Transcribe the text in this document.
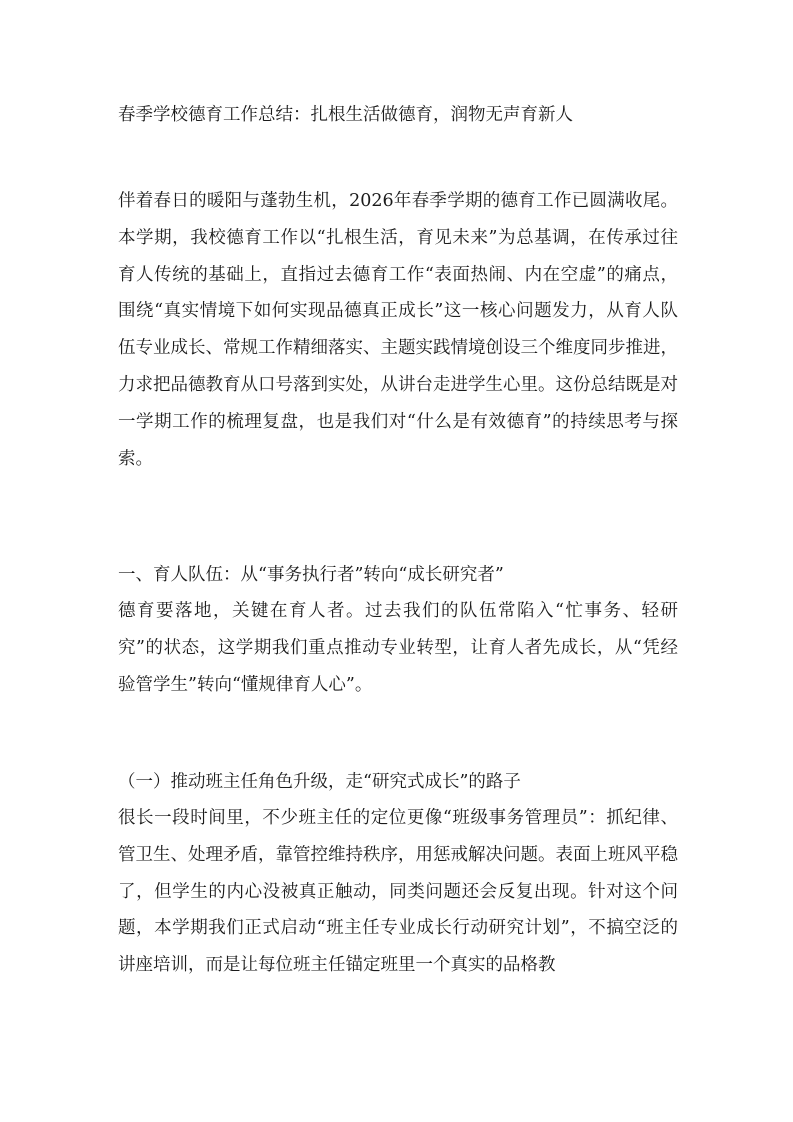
春季学校德育工作总结：扎根生活做德育，润物无声育新人

伴着春日的暖阳与蓬勃生机，2026年春季学期的德育工作已圆满收尾。本学期，我校德育工作以“扎根生活，育见未来”为总基调，在传承过往育人传统的基础上，直指过去德育工作“表面热闹、内在空虚”的痛点，围绕“真实情境下如何实现品德真正成长”这一核心问题发力，从育人队伍专业成长、常规工作精细落实、主题实践情境创设三个维度同步推进，力求把品德教育从口号落到实处，从讲台走进学生心里。这份总结既是对一学期工作的梳理复盘，也是我们对“什么是有效德育”的持续思考与探索。

一、育人队伍：从“事务执行者”转向“成长研究者”

德育要落地，关键在育人者。过去我们的队伍常陷入“忙事务、轻研究”的状态，这学期我们重点推动专业转型，让育人者先成长，从“凭经验管学生”转向“懂规律育人心”。

（一）推动班主任角色升级，走“研究式成长”的路子

很长一段时间里，不少班主任的定位更像“班级事务管理员”：抓纪律、管卫生、处理矛盾，靠管控维持秩序，用惩戒解决问题。表面上班风平稳了，但学生的内心没被真正触动，同类问题还会反复出现。针对这个问题，本学期我们正式启动“班主任专业成长行动研究计划”，不搞空泛的讲座培训，而是让每位班主任锚定班里一个真实的品格教
